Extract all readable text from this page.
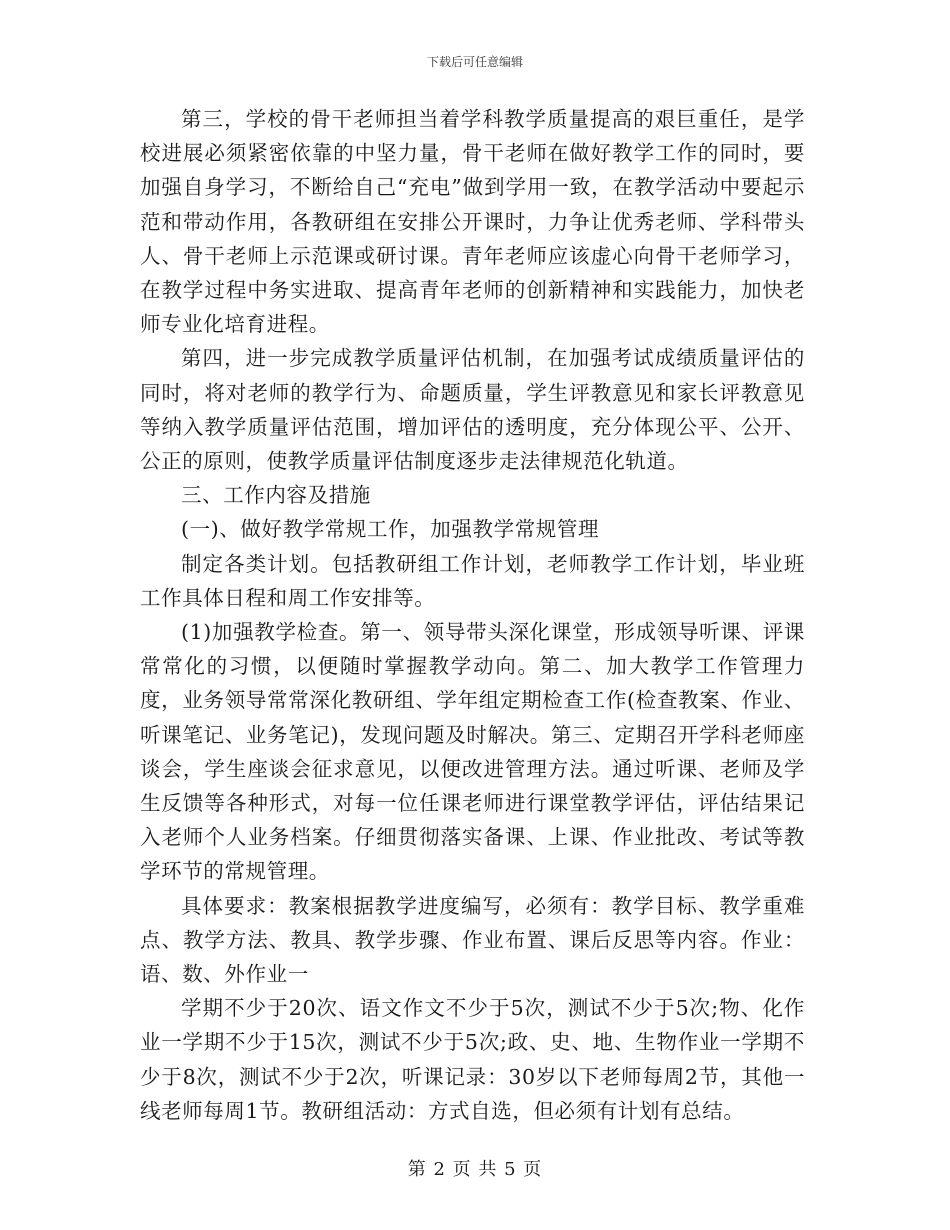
下载后可任意编辑

第三，学校的骨干老师担当着学科教学质量提高的艰巨重任，是学校进展必须紧密依靠的中坚力量，骨干老师在做好教学工作的同时，要加强自身学习，不断给自己“充电”做到学用一致，在教学活动中要起示范和带动作用，各教研组在安排公开课时，力争让优秀老师、学科带头人、骨干老师上示范课或研讨课。青年老师应该虚心向骨干老师学习，在教学过程中务实进取、提高青年老师的创新精神和实践能力，加快老师专业化培育进程。

第四，进一步完成教学质量评估机制，在加强考试成绩质量评估的同时，将对老师的教学行为、命题质量，学生评教意见和家长评教意见等纳入教学质量评估范围，增加评估的透明度，充分体现公平、公开、公正的原则，使教学质量评估制度逐步走法律规范化轨道。

三、工作内容及措施

(一)、做好教学常规工作，加强教学常规管理

制定各类计划。包括教研组工作计划，老师教学工作计划，毕业班工作具体日程和周工作安排等。

(1)加强教学检查。第一、领导带头深化课堂，形成领导听课、评课常常化的习惯，以便随时掌握教学动向。第二、加大教学工作管理力度，业务领导常常深化教研组、学年组定期检查工作(检查教案、作业、听课笔记、业务笔记)，发现问题及时解决。第三、定期召开学科老师座谈会，学生座谈会征求意见，以便改进管理方法。通过听课、老师及学生反馈等各种形式，对每一位任课老师进行课堂教学评估，评估结果记入老师个人业务档案。仔细贯彻落实备课、上课、作业批改、考试等教学环节的常规管理。

具体要求：教案根据教学进度编写，必须有：教学目标、教学重难点、教学方法、教具、教学步骤、作业布置、课后反思等内容。作业：语、数、外作业一

学期不少于20次、语文作文不少于5次，测试不少于5次;物、化作业一学期不少于15次，测试不少于5次;政、史、地、生物作业一学期不少于8次，测试不少于2次，听课记录：30岁以下老师每周2节，其他一线老师每周1节。教研组活动：方式自选，但必须有计划有总结。

第 2 页 共 5 页
